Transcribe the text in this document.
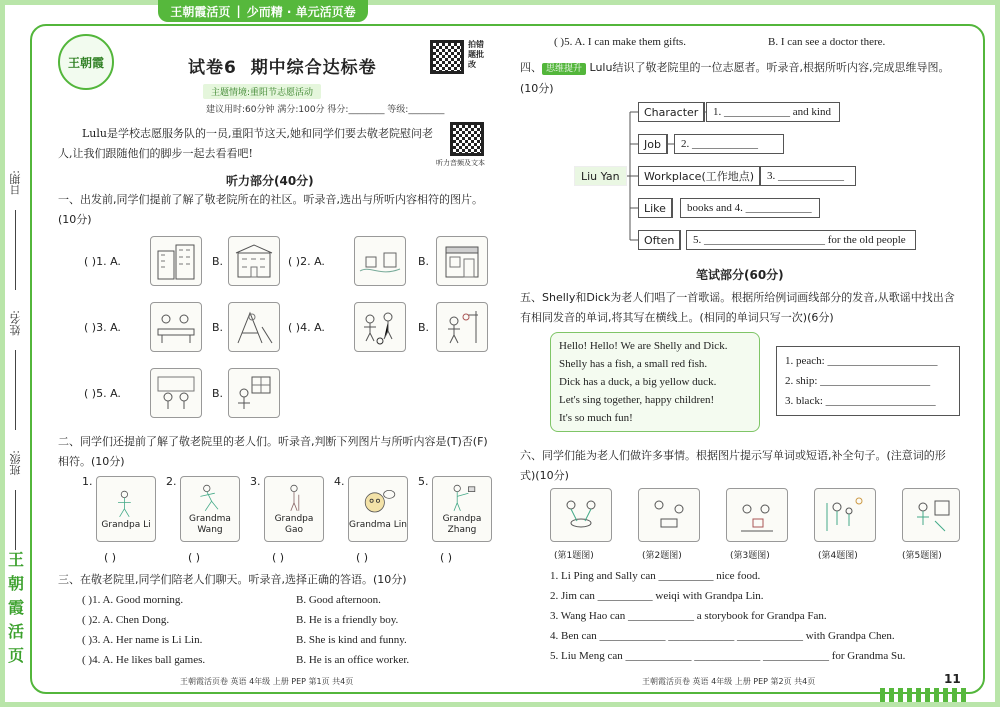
王朝霞活页 | 少而精 · 单元活页卷
日期:
姓名:
班级:
王
朝
霞
活
页
王朝霞	试卷6 期中综合达标卷
拍错题批改
主题情境:重阳节志愿活动
建议用时:60分钟 满分:100分 得分:________ 等级:________
听力音频及文本
Lulu是学校志愿服务队的一员,重阳节这天,她和同学们要去敬老院慰问老人,让我们跟随他们的脚步一起去看看吧!
听力部分(40分)
一、出发前,同学们提前了解了敬老院所在的社区。听录音,选出与所听内容相符的图片。(10分)
( )1. A.	B.	( )2. A.	B.
( )3. A.	B.	( )4. A.	B.
( )5. A.	B.
二、同学们还提前了解了敬老院里的老人们。听录音,判断下列图片与所听内容是(T)否(F)相符。(10分)
1.
Grandpa Li
2.
Grandma Wang
3.
Grandpa Gao
4.
Grandma Lin
5.
Grandpa Zhang
( )	( )	( )	( )	( )
三、在敬老院里,同学们陪老人们聊天。听录音,选择正确的答语。(10分)
( )1. A. Good morning.	B. Good afternoon.
( )2. A. Chen Dong.	B. He is a friendly boy.
( )3. A. Her name is Li Lin.	B. She is kind and funny.
( )4. A. He likes ball games.	B. He is an office worker.
王朝霞活页卷 英语 4年级 上册 PEP 第1页 共4页
( )5. A. I can make them gifts.	B. I can see a doctor there.
四、 思维提升 Lulu结识了敬老院里的一位志愿者。听录音,根据所听内容,完成思维导图。(10分)
Liu Yan
Character	1. ____________ and kind
Job	2. ____________
Workplace(工作地点)	3. ____________
Like	books and 4. ____________
Often	5. ______________________ for the old people
笔试部分(60分)
五、Shelly和Dick为老人们唱了一首歌谣。根据所给例词画线部分的发音,从歌谣中找出含有相同发音的单词,将其写在横线上。(相同的单词只写一次)(6分)
Hello! Hello! We are Shelly and Dick.
Shelly has a fish, a small red fish.
Dick has a duck, a big yellow duck.
Let's sing together, happy children!
It's so much fun!
1. peach: ____________________
2. ship: ____________________
3. black: ____________________
六、同学们能为老人们做许多事情。根据图片提示写单词或短语,补全句子。(注意词的形式)(10分)
(第1题图)	(第2题图)	(第3题图)	(第4题图)	(第5题图)
1. Li Ping and Sally can __________ nice food.
2. Jim can __________ weiqi with Grandpa Lin.
3. Wang Hao can ____________ a storybook for Grandpa Fan.
4. Ben can ____________ ____________ ____________ with Grandpa Chen.
5. Liu Meng can ____________ ____________ ____________ for Grandma Su.
王朝霞活页卷 英语 4年级 上册 PEP 第2页 共4页	11
